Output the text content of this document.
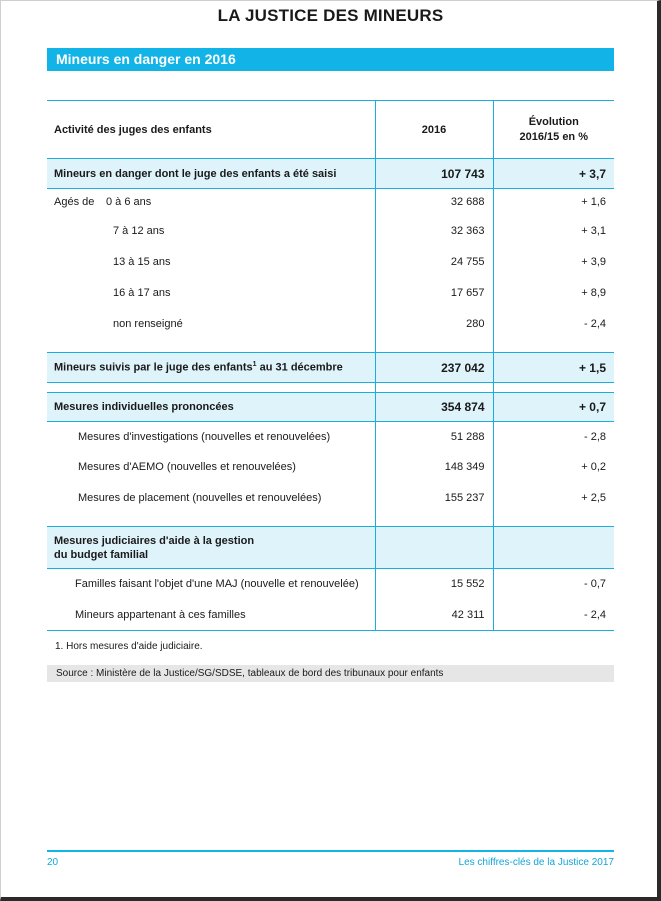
LA JUSTICE DES MINEURS
Mineurs en danger en 2016
Activité des juges des enfants	2016	Évolution
2016/15 en %

Mineurs en danger dont le juge des enfants a été saisi	107 743	+ 3,7
Agés de 0 à 6 ans	32 688	+ 1,6
7 à 12 ans	32 363	+ 3,1
13 à 15 ans	24 755	+ 3,9
16 à 17 ans	17 657	+ 8,9
non renseigné	280	- 2,4

Mineurs suivis par le juge des enfants$^1$ au 31 décembre	237 042	+ 1,5

Mesures individuelles prononcées	354 874	+ 0,7
Mesures d'investigations (nouvelles et renouvelées)	51 288	- 2,8
Mesures d'AEMO (nouvelles et renouvelées)	148 349	+ 0,2
Mesures de placement (nouvelles et renouvelées)	155 237	+ 2,5

Mesures judiciaires d'aide à la gestion
du budget familial		

Familles faisant l'objet d'une MAJ (nouvelle et renouvelée)	15 552	- 0,7
Mineurs appartenant à ces familles	42 311	- 2,4
1. Hors mesures d'aide judiciaire.
Source : Ministère de la Justice/SG/SDSE, tableaux de bord des tribunaux pour enfants
20	Les chiffres-clés de la Justice 2017
